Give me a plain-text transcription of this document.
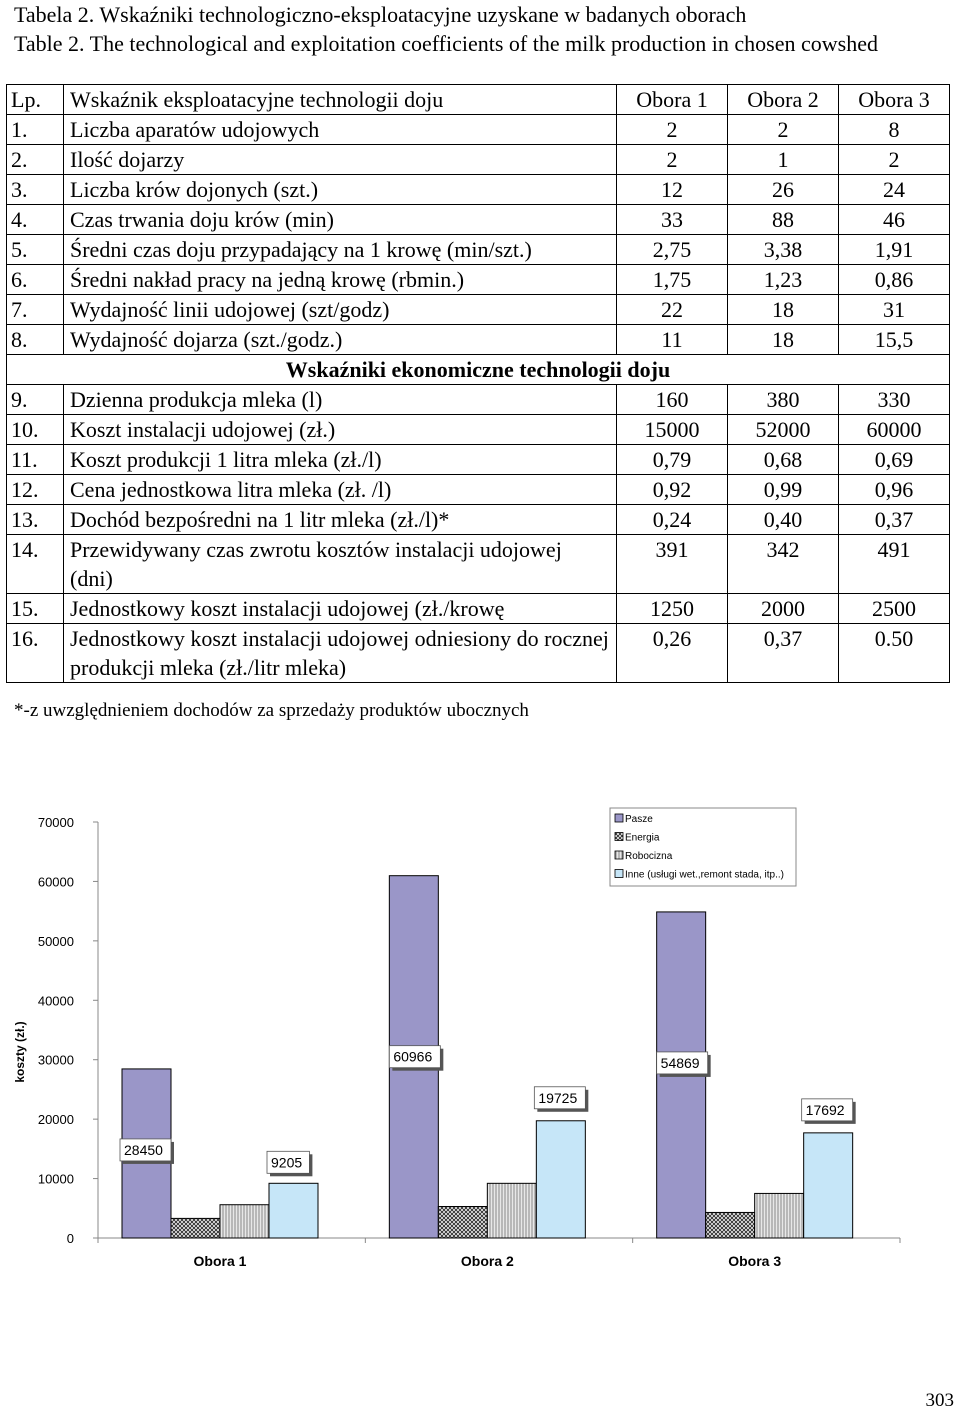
Tabela 2. Wskaźniki technologiczno-eksploatacyjne uzyskane w badanych oborach
Table 2. The technological and exploitation coefficients of the milk production in chosen cowshed
Lp.	Wskaźnik eksploatacyjne technologii doju	Obora 1	Obora 2	Obora 3
1.	Liczba aparatów udojowych	2	2	8
2.	Ilość dojarzy	2	1	2
3.	Liczba krów dojonych (szt.)	12	26	24
4.	Czas trwania doju krów (min)	33	88	46
5.	Średni czas doju przypadający na 1 krowę (min/szt.)	2,75	3,38	1,91
6.	Średni nakład pracy na jedną krowę (rbmin.)	1,75	1,23	0,86
7.	Wydajność linii udojowej (szt/godz)	22	18	31
8.	Wydajność dojarza (szt./godz.)	11	18	15,5
Wskaźniki ekonomiczne technologii doju				
9.	Dzienna produkcja mleka (l)	160	380	330
10.	Koszt instalacji udojowej (zł.)	15000	52000	60000
11.	Koszt produkcji 1 litra mleka (zł./l)	0,79	0,68	0,69
12.	Cena jednostkowa litra mleka (zł. /l)	0,92	0,99	0,96
13.	Dochód bezpośredni na 1 litr mleka (zł./l)*	0,24	0,40	0,37
14.	Przewidywany czas zwrotu kosztów instalacji udojowej (dni)	391	342	491
15.	Jednostkowy koszt instalacji udojowej (zł./krowę	1250	2000	2500
16.	Jednostkowy koszt instalacji udojowej odniesiony do rocznej produkcji mleka (zł./litr mleka)	0,26	0,37	0.50
*-z uwzględnieniem dochodów za sprzedaży produktów ubocznych
0
10000
20000
30000
40000
50000
60000
70000
koszty (zł.)
Obora 1	Obora 2	Obora 3
28450
9205
60966
19725
54869
17692
Pasze
Energia
Robocizna
Inne (usługi wet.,remont stada, itp..)
303
